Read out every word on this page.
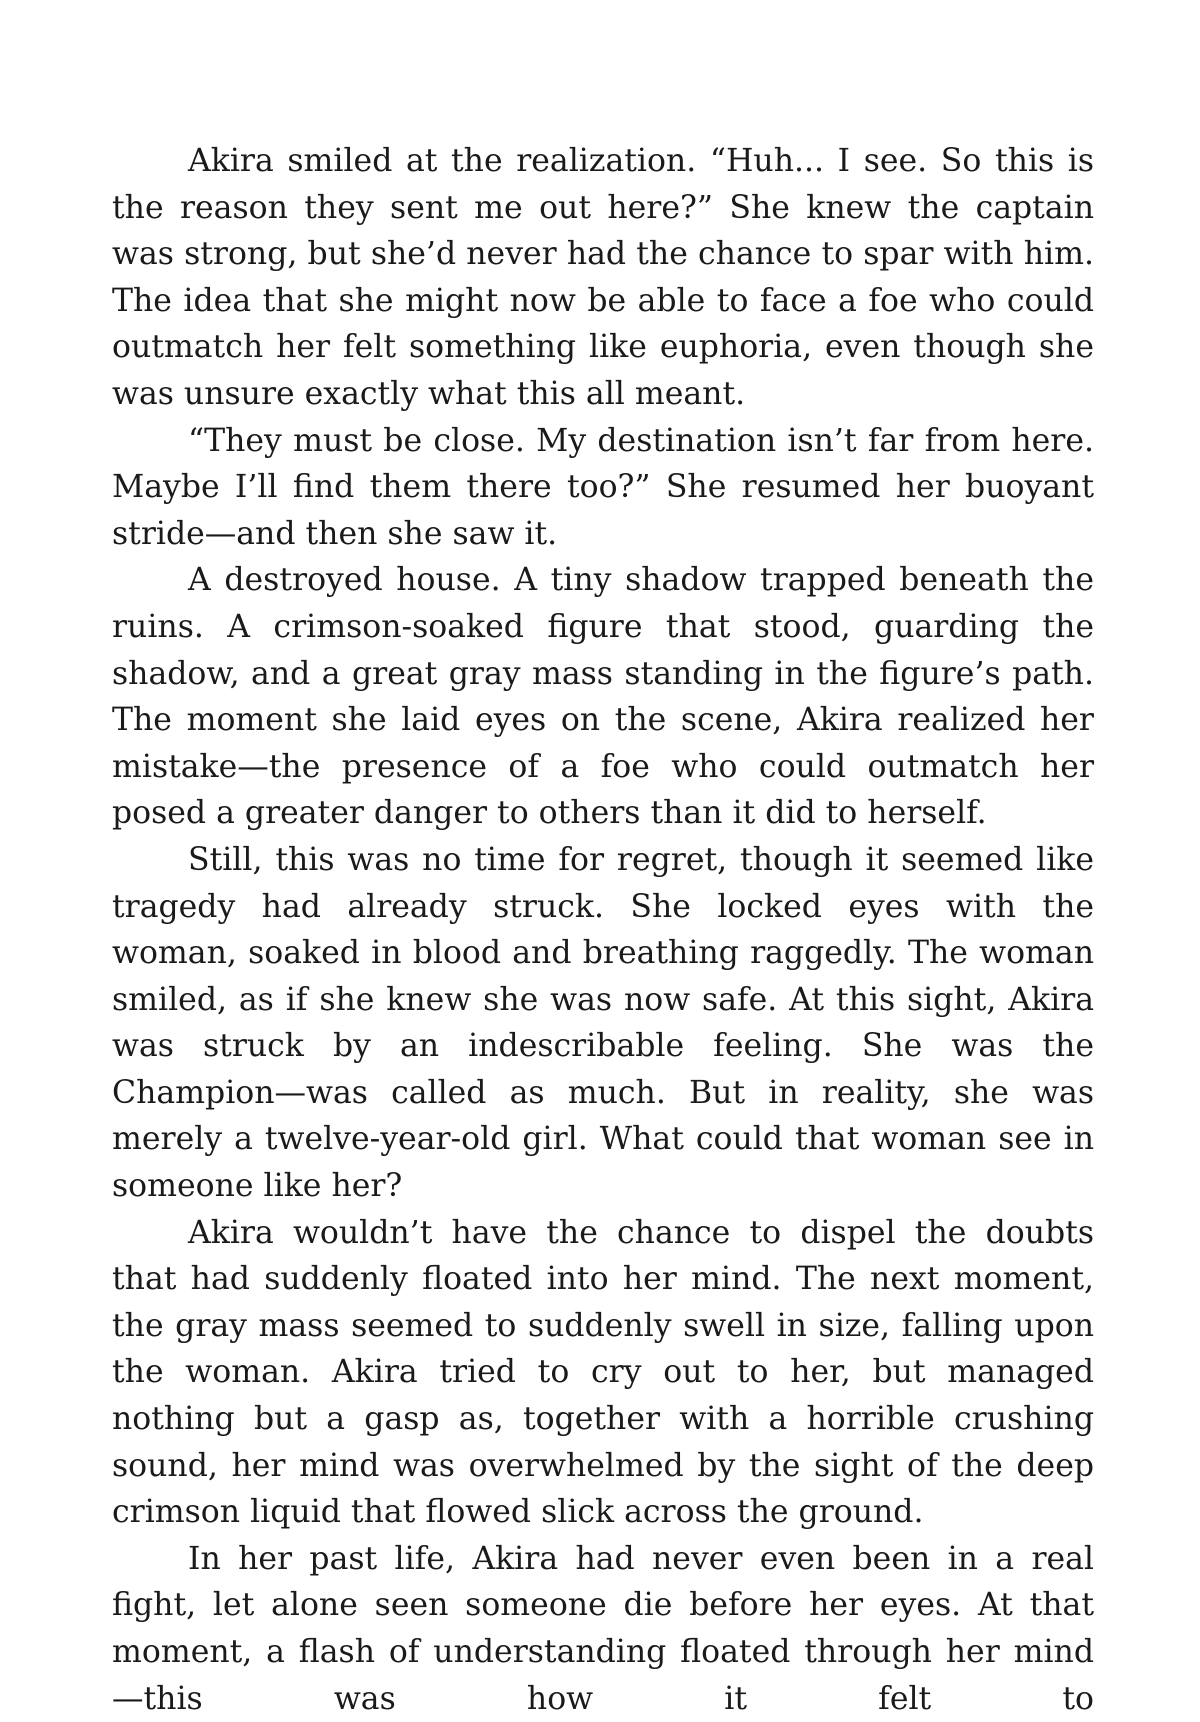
Akira smiled at the realization. “Huh... I see. So this is the reason they sent me out here?” She knew the captain was strong, but she’d never had the chance to spar with him. The idea that she might now be able to face a foe who could outmatch her felt something like euphoria, even though she was unsure exactly what this all meant.

“They must be close. My destination isn’t far from here. Maybe I’ll find them there too?” She resumed her buoyant stride—and then she saw it.

A destroyed house. A tiny shadow trapped beneath the ruins. A crimson-soaked figure that stood, guarding the shadow, and a great gray mass standing in the figure’s path. The moment she laid eyes on the scene, Akira realized her mistake—the presence of a foe who could outmatch her posed a greater danger to others than it did to herself.

Still, this was no time for regret, though it seemed like tragedy had already struck. She locked eyes with the woman, soaked in blood and breathing raggedly. The woman smiled, as if she knew she was now safe. At this sight, Akira was struck by an indescribable feeling. She was the Champion—was called as much. But in reality, she was merely a twelve-year-old girl. What could that woman see in someone like her?

Akira wouldn’t have the chance to dispel the doubts that had suddenly floated into her mind. The next moment, the gray mass seemed to suddenly swell in size, falling upon the woman. Akira tried to cry out to her, but managed nothing but a gasp as, together with a horrible crushing sound, her mind was overwhelmed by the sight of the deep crimson liquid that flowed slick across the ground.

In her past life, Akira had never even been in a real fight, let alone seen someone die before her eyes. At that moment, a flash of understanding floated through her mind—this was how it felt to
